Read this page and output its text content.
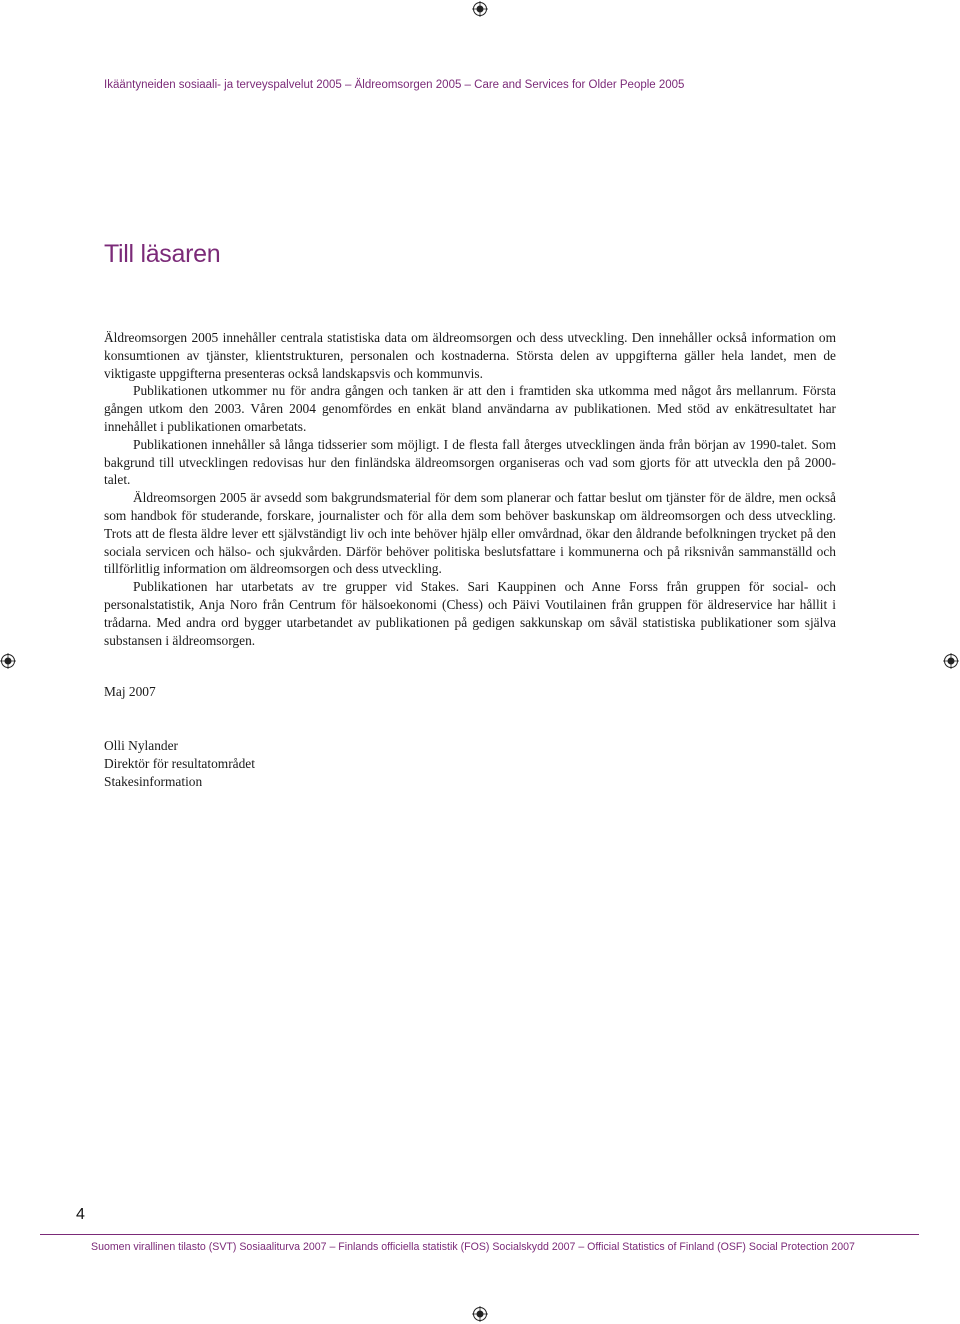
Ikääntyneiden sosiaali- ja terveyspalvelut 2005 – Äldreomsorgen 2005 – Care and Services for Older People 2005
Till läsaren

Äldreomsorgen 2005 innehåller centrala statistiska data om äldreomsorgen och dess utveckling. Den innehåller också information om konsumtionen av tjänster, klientstrukturen, personalen och kostnaderna. Största delen av uppgifterna gäller hela landet, men de viktigaste uppgifterna presenteras också landskapsvis och kommunvis.

Publikationen utkommer nu för andra gången och tanken är att den i framtiden ska utkomma med något års mellanrum. Första gången utkom den 2003. Våren 2004 genomfördes en enkät bland användarna av publikationen. Med stöd av enkätresultatet har innehållet i publikationen omarbetats.

Publikationen innehåller så långa tidsserier som möjligt. I de flesta fall återges utvecklingen ända från början av 1990-talet. Som bakgrund till utvecklingen redovisas hur den finländska äldreomsorgen organiseras och vad som gjorts för att utveckla den på 2000-talet.

Äldreomsorgen 2005 är avsedd som bakgrundsmaterial för dem som planerar och fattar beslut om tjänster för de äldre, men också som handbok för studerande, forskare, journalister och för alla dem som behöver baskunskap om äldreomsorgen och dess utveckling. Trots att de flesta äldre lever ett självständigt liv och inte behöver hjälp eller omvårdnad, ökar den åldrande befolkningen trycket på den sociala servicen och hälso- och sjukvården. Därför behöver politiska beslutsfattare i kommunerna och på riksnivån sammanställd och tillförlitlig information om äldreomsorgen och dess utveckling.

Publikationen har utarbetats av tre grupper vid Stakes. Sari Kauppinen och Anne Forss från gruppen för social- och personalstatistik, Anja Noro från Centrum för hälsoekonomi (Chess) och Päivi Voutilainen från gruppen för äldreservice har hållit i trådarna. Med andra ord bygger utarbetandet av publikationen på gedigen sakkunskap om såväl statistiska publikationer som själva substansen i äldreomsorgen.

Maj 2007
Olli Nylander
Direktör för resultatområdet
Stakesinformation
4
Suomen virallinen tilasto (SVT) Sosiaaliturva 2007 – Finlands officiella statistik (FOS) Socialskydd 2007 – Official Statistics of Finland (OSF) Social Protection 2007
